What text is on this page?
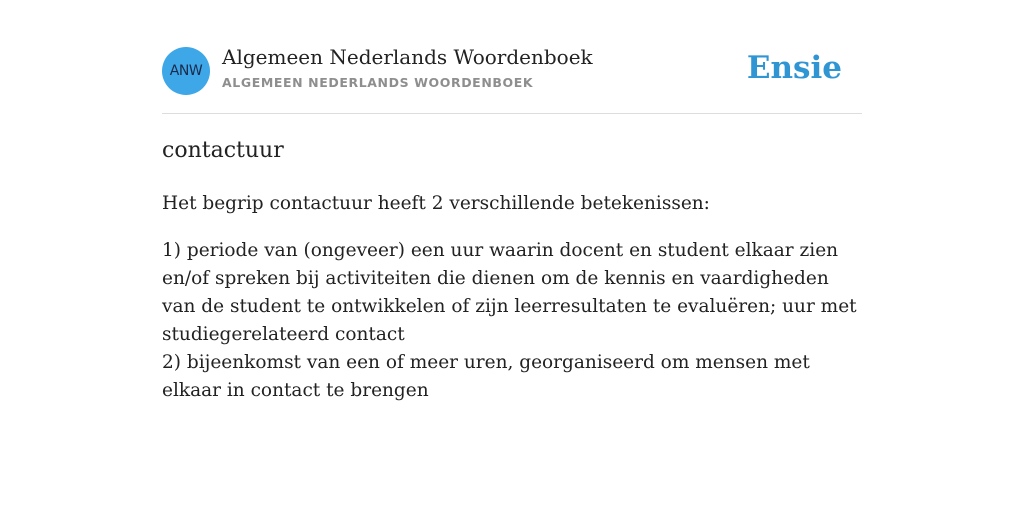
ANW
Algemeen Nederlands Woordenboek
ALGEMEEN NEDERLANDS WOORDENBOEK	Ensie
contactuur

Het begrip contactuur heeft 2 verschillende betekenissen:

1) periode van (ongeveer) een uur waarin docent en student elkaar zien en/of spreken bij activiteiten die dienen om de kennis en vaardigheden van de student te ontwikkelen of zijn leerresultaten te evaluëren; uur met studiegerelateerd contact
2) bijeenkomst van een of meer uren, georganiseerd om mensen met elkaar in contact te brengen
